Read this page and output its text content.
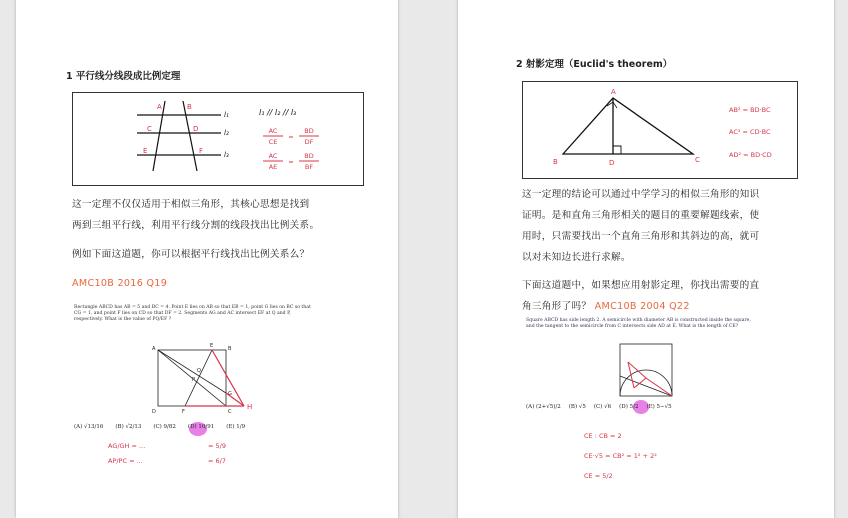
1 平行线分线段成比例定理
A	B
C	D
E	F
l₁
l₂
l₃
l₁ // l₂ // l₃
AC
CE
=
BD
DF
AC
AE
=
BD
BF
这一定理不仅仅适用于相似三角形，其核心思想是找到
两到三组平行线，利用平行线分割的线段找出比例关系。
例如下面这道题，你可以根据平行线找出比例关系么？
AMC10B 2016 Q19
Rectangle ABCD has AB = 5 and BC = 4. Point E lies on AB so that EB = 1, point G lies on BC so that CG = 1, and point F lies on CD so that DF = 2. Segments AG and AC intersect EF at Q and P, respectively. What is the value of PQ/EF ?
A	B
C
D
E
F
G
P
Q
H
(A) √13/16 (B) √2/13 (C) 9/82 (D) 10/91 (E) 1/9
AG/GH = ...	= 5/9
AP/PC = ...	= 6/7
2 射影定理（Euclid's theorem）
A
B	C
D
AB² = BD·BC
AC² = CD·BC
AD² = BD·CD
这一定理的结论可以通过中学学习的相似三角形的知识
证明。是和直角三角形相关的题目的重要解题线索，使
用时，只需要找出一个直角三角形和其斜边的高，就可
以对未知边长进行求解。
下面这道题中，如果想应用射影定理，你找出需要的直
角三角形了吗？ AMC10B 2004 Q22
Square ABCD has side length 2. A semicircle with diameter AB is constructed inside the square, and the tangent to the semicircle from C intersects side AD at E. What is the length of CE?
(A) (2+√5)/2 (B) √5 (C) √6 (D) 5/2 (E) 5−√5
CE : CB = 2
CE·√5 = CB² = 1² + 2²
CE = 5/2
